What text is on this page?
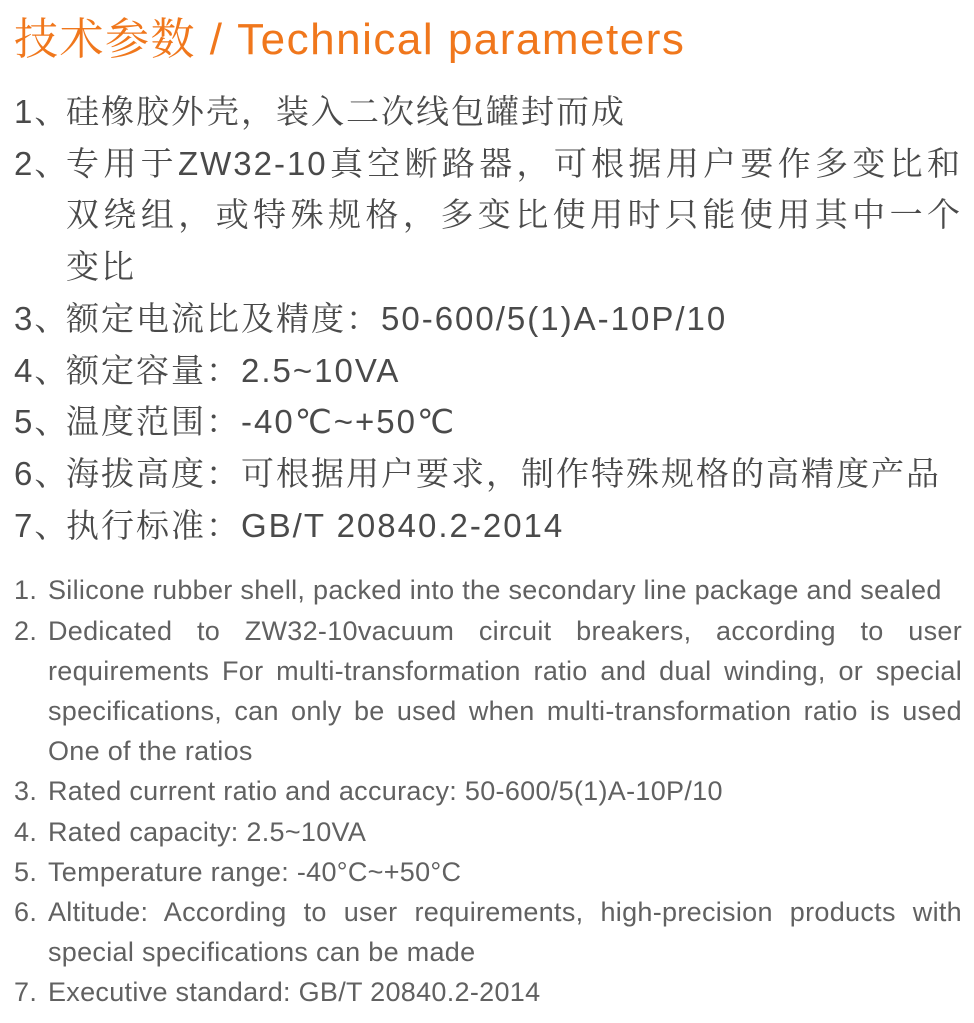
技术参数 / Technical parameters
1、
硅橡胶外壳，装入二次线包罐封而成
2、
专用于ZW32-10真空断路器，可根据用户要作多变比和
双绕组，或特殊规格，多变比使用时只能使用其中一个
变比
3、
额定电流比及精度：50-600/5(1)A-10P/10
4、
额定容量：2.5~10VA
5、
温度范围：-40℃~+50℃
6、
海拔高度：可根据用户要求，制作特殊规格的高精度产品
7、
执行标准：GB/T 20840.2-2014
1. Silicone rubber shell, packed into the secondary line package and sealed
2. Dedicated to ZW32-10vacuum circuit breakers, according to user
requirements For multi-transformation ratio and dual winding, or special
specifications, can only be used when multi-transformation ratio is used
One of the ratios
3. Rated current ratio and accuracy: 50-600/5(1)A-10P/10
4. Rated capacity: 2.5~10VA
5. Temperature range: -40°C~+50°C
6. Altitude: According to user requirements, high-precision products with
special specifications can be made
7. Executive standard: GB/T 20840.2-2014
